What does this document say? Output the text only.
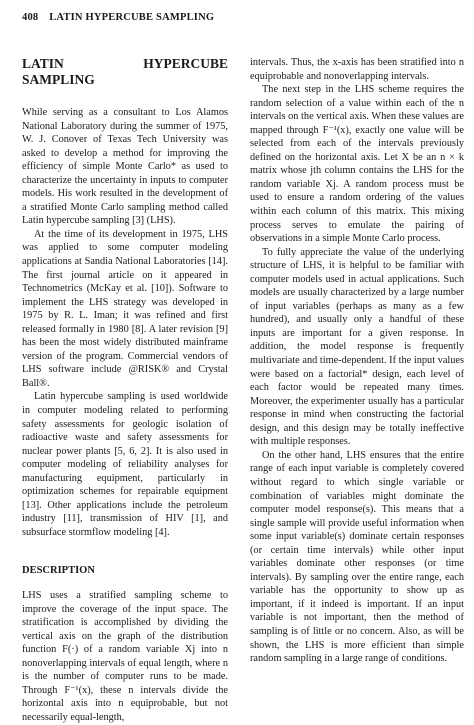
408 LATIN HYPERCUBE SAMPLING
LATIN HYPERCUBE SAMPLING

While serving as a consultant to Los Alamos National Laboratory during the summer of 1975, W. J. Conover of Texas Tech University was asked to develop a method for improving the efficiency of simple Monte Carlo* as used to characterize the uncertainty in inputs to computer models. His work resulted in the development of a stratified Monte Carlo sampling method called Latin hypercube sampling [3] (LHS).

At the time of its development in 1975, LHS was applied to some computer modeling applications at Sandia National Laboratories [14]. The first journal article on it appeared in Technometrics (McKay et al. [10]). Software to implement the LHS strategy was developed in 1975 by R. L. Iman; it was refined and first released formally in 1980 [8]. A later revision [9] has been the most widely distributed mainframe version of the program. Commercial vendors of LHS software include @RISK® and Crystal Ball®.

Latin hypercube sampling is used worldwide in computer modeling related to performing safety assessments for geologic isolation of radioactive waste and safety assessments for nuclear power plants [5, 6, 2]. It is also used in computer modeling of reliability analyses for manufacturing equipment, particularly in optimization schemes for repairable equipment [13]. Other applications include the petroleum industry [11], transmission of HIV [1], and subsurface stormflow modeling [4].

DESCRIPTION

LHS uses a stratified sampling scheme to improve the coverage of the input space. The stratification is accomplished by dividing the vertical axis on the graph of the distribution function F(·) of a random variable Xj into n nonoverlapping intervals of equal length, where n is the number of computer runs to be made. Through F⁻¹(x), these n intervals divide the horizontal axis into n equiprobable, but not necessarily equal-length,

intervals. Thus, the x-axis has been stratified into n equiprobable and nonoverlapping intervals.

The next step in the LHS scheme requires the random selection of a value within each of the n intervals on the vertical axis. When these values are mapped through F⁻¹(x), exactly one value will be selected from each of the intervals previously defined on the horizontal axis. Let X be an n × k matrix whose jth column contains the LHS for the random variable Xj. A random process must be used to ensure a random ordering of the values within each column of this matrix. This mixing process serves to emulate the pairing of observations in a simple Monte Carlo process.

To fully appreciate the value of the underlying structure of LHS, it is helpful to be familiar with computer models used in actual applications. Such models are usually characterized by a large number of input variables (perhaps as many as a few hundred), and usually only a handful of these inputs are important for a given response. In addition, the model response is frequently multivariate and time-dependent. If the input values were based on a factorial* design, each level of each factor would be repeated many times. Moreover, the experimenter usually has a particular response in mind when constructing the factorial design, and this design may be totally ineffective with multiple responses.

On the other hand, LHS ensures that the entire range of each input variable is completely covered without regard to which single variable or combination of variables might dominate the computer model response(s). This means that a single sample will provide useful information when some input variable(s) dominate certain responses (or certain time intervals) while other input variables dominate other responses (or time intervals). By sampling over the entire range, each variable has the opportunity to show up as important, if it indeed is important. If an input variable is not important, then the method of sampling is of little or no concern. Also, as will be shown, the LHS is more efficient than simple random sampling in a large range of conditions.
